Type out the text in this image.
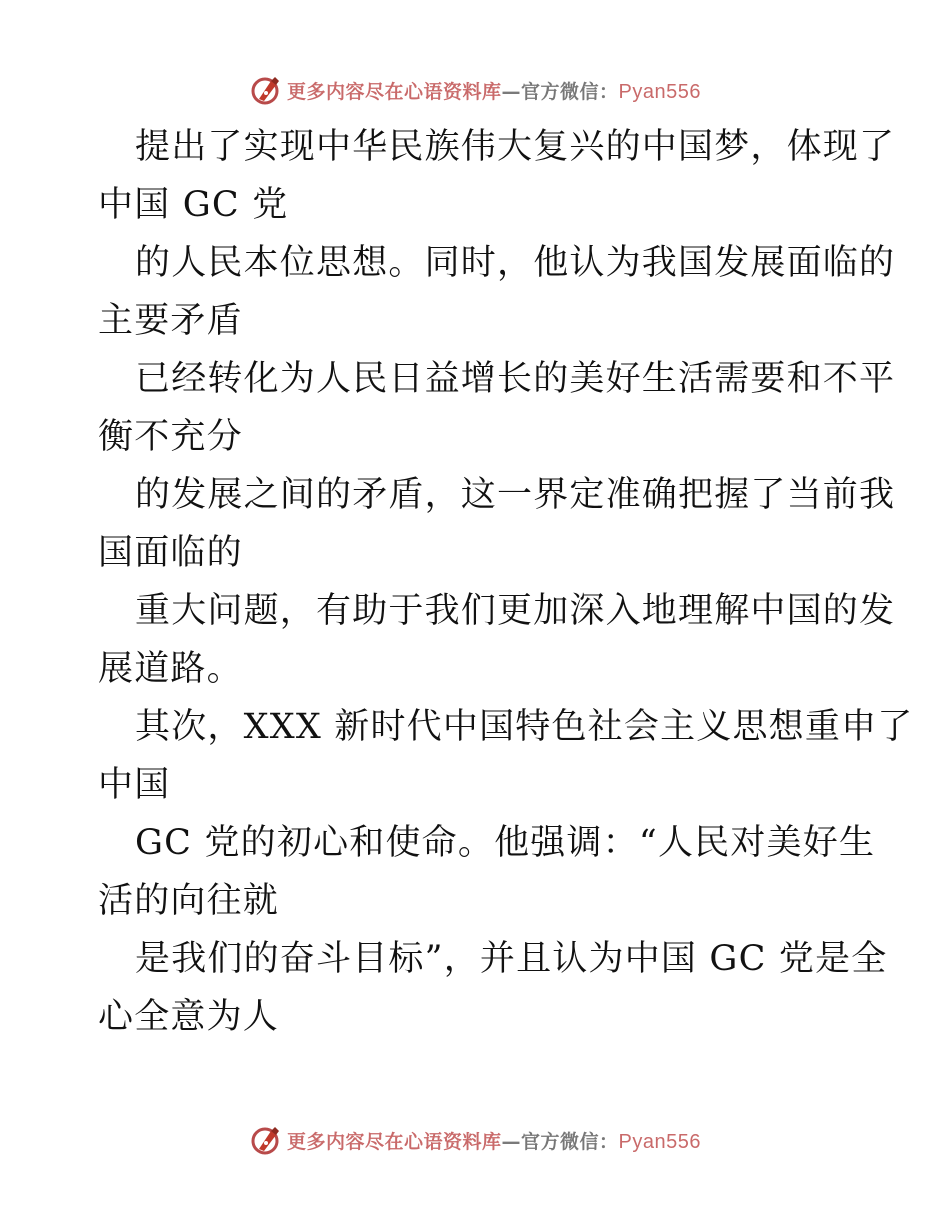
更多内容尽在心语资料库—官方微信：Pyan556
提出了实现中华民族伟大复兴的中国梦，体现了
中国 GC 党
的人民本位思想。同时，他认为我国发展面临的
主要矛盾
已经转化为人民日益增长的美好生活需要和不平
衡不充分
的发展之间的矛盾，这一界定准确把握了当前我
国面临的
重大问题，有助于我们更加深入地理解中国的发
展道路。
其次，XXX 新时代中国特色社会主义思想重申了
中国
GC 党的初心和使命。他强调：“人民对美好生
活的向往就
是我们的奋斗目标”，并且认为中国 GC 党是全
心全意为人
更多内容尽在心语资料库—官方微信：Pyan556
